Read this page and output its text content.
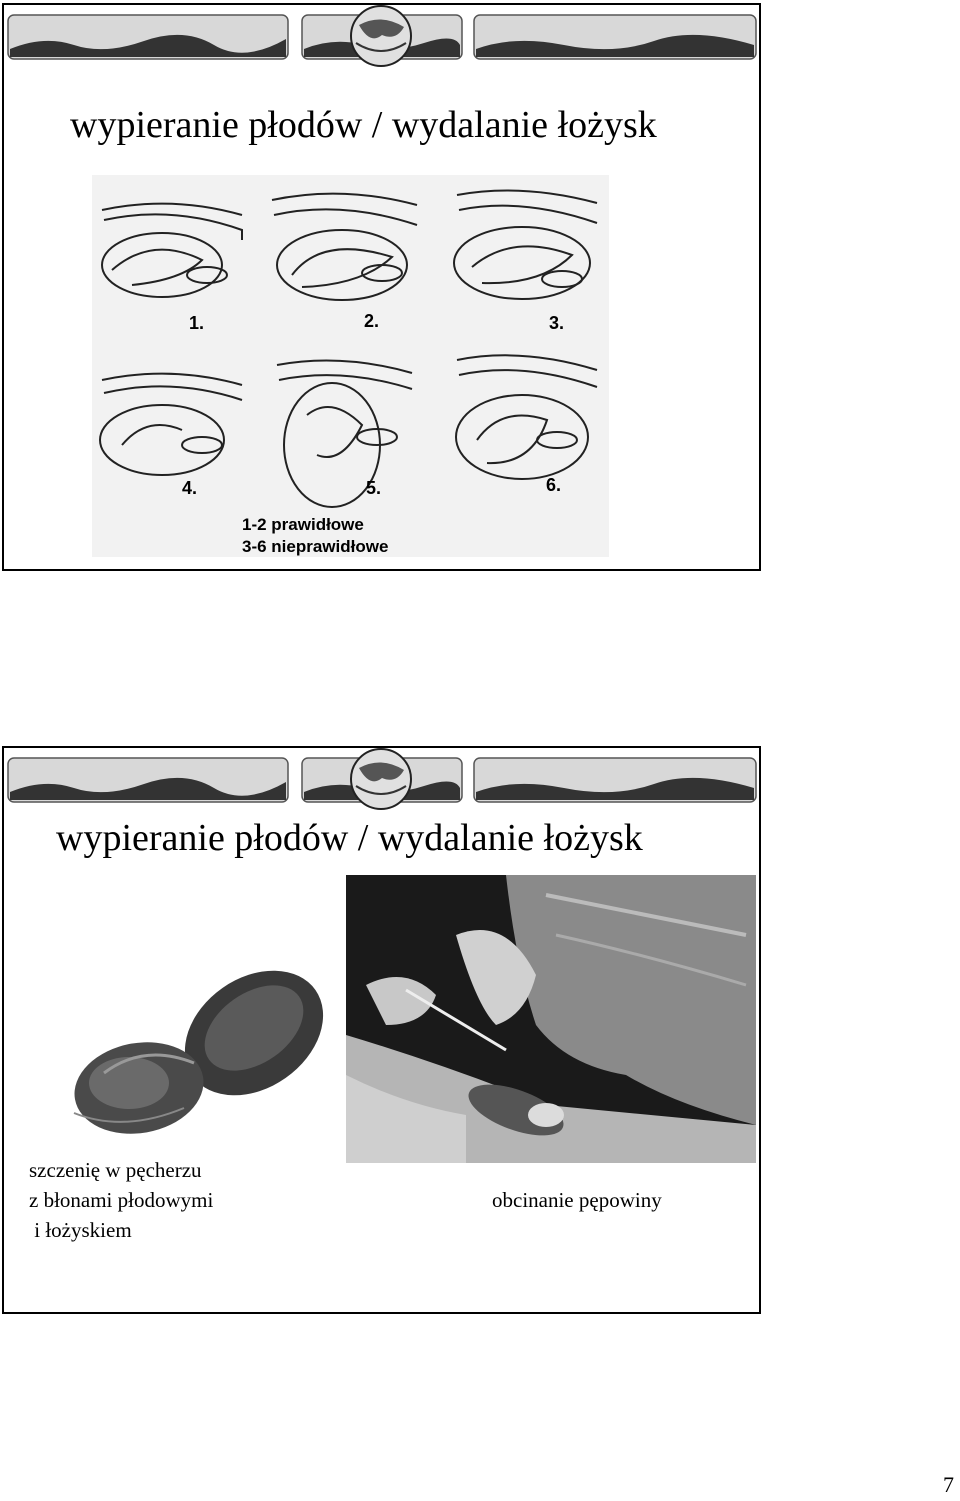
wypieranie płodów / wydalanie łożysk
1.	2.	3.
4.	5.	6.
1-2 prawidłowe
3-6 nieprawidłowe
wypieranie płodów / wydalanie łożysk
szczenię w pęcherzu
z błonami płodowymi
i łożyskiem
obcinanie pępowiny
7
